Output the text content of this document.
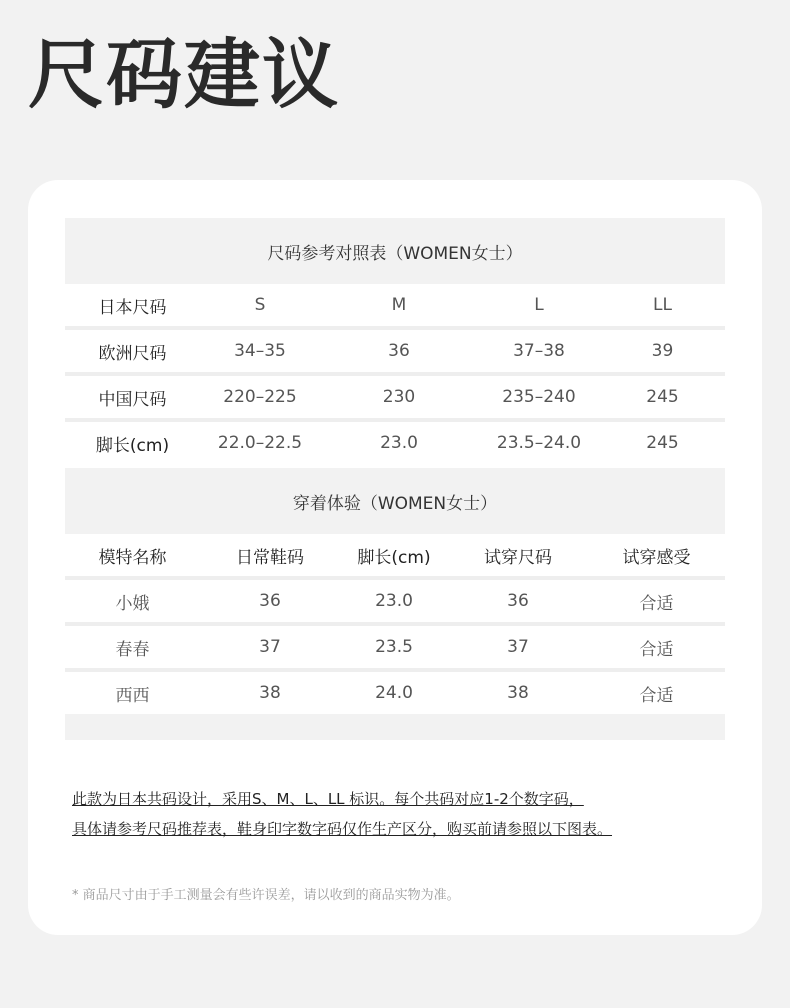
尺码建议
尺码参考对照表（WOMEN女士）
日本尺码	S	M	L	LL
欧洲尺码	34–35	36	37–38	39
中国尺码	220–225	230	235–240	245
脚长(cm)	22.0–22.5	23.0	23.5–24.0	245
穿着体验（WOMEN女士）
模特名称	日常鞋码	脚长(cm)	试穿尺码	试穿感受
小娥	36	23.0	36	合适
春春	37	23.5	37	合适
西西	38	24.0	38	合适
此款为日本共码设计，采用S、M、L、LL 标识。每个共码对应1-2个数字码，
具体请参考尺码推荐表，鞋身印字数字码仅作生产区分，购买前请参照以下图表。
* 商品尺寸由于手工测量会有些许误差，请以收到的商品实物为准。
